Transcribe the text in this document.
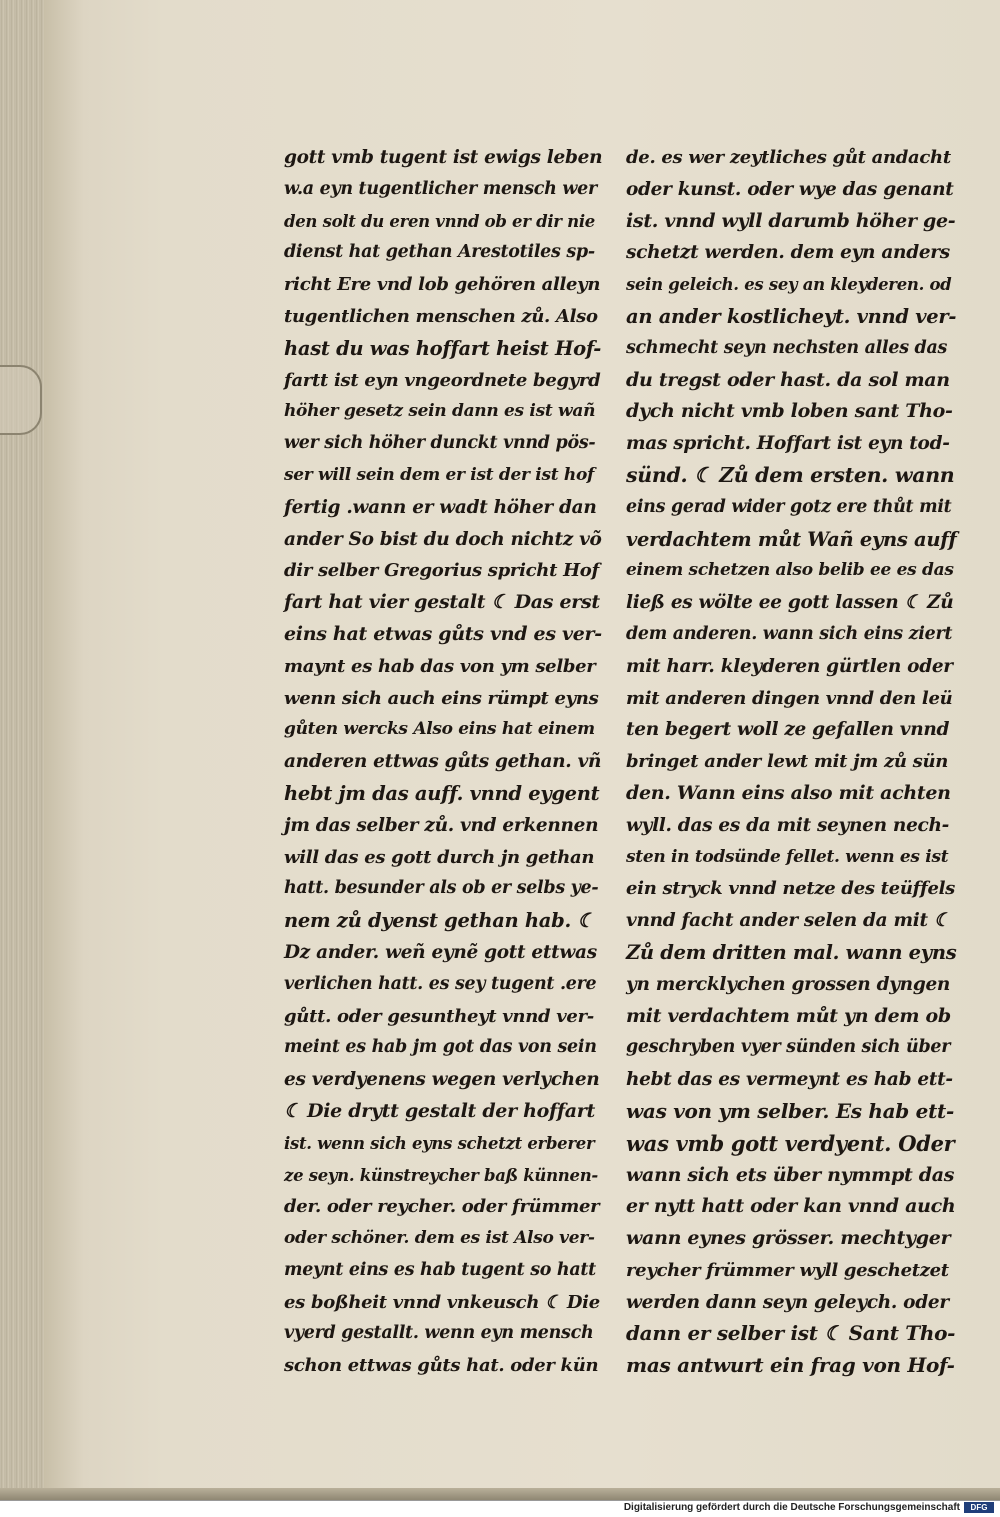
gott vmb tugent ist ewigs leben
w.a eyn tugentlicher mensch wer
den solt du eren vnnd ob er dir nie
dienst hat gethan Arestotiles sp-
richt Ere vnd lob gehören alleyn
tugentlichen menschen zů. Also
hast du was hoffart heist Hof-
fartt ist eyn vngeordnete begyrd
höher gesetz sein dann es ist wañ
wer sich höher dunckt vnnd pös-
ser will sein dem er ist der ist hof
fertig .wann er wadt höher dan
ander So bist du doch nichtz võ
dir selber Gregorius spricht Hof
fart hat vier gestalt ☾ Das erst
eins hat etwas gůts vnd es ver-
maynt es hab das von ym selber
wenn sich auch eins rümpt eyns
gůten wercks Also eins hat einem
anderen ettwas gůts gethan. vñ
hebt jm das auff. vnnd eygent
jm das selber zů. vnd erkennen
will das es gott durch jn gethan
hatt. besunder als ob er selbs ye-
nem zů dyenst gethan hab. ☾
Dz ander. weñ eynẽ gott ettwas
verlichen hatt. es sey tugent .ere
gůtt. oder gesuntheyt vnnd ver-
meint es hab jm got das von sein
es verdyenens wegen verlychen
☾ Die drytt gestalt der hoffart
ist. wenn sich eyns schetzt erberer
ze seyn. künstreycher baß künnen-
der. oder reycher. oder frümmer
oder schöner. dem es ist Also ver-
meynt eins es hab tugent so hatt
es boßheit vnnd vnkeusch ☾ Die
vyerd gestallt. wenn eyn mensch
schon ettwas gůts hat. oder kün
de. es wer zeytliches gůt andacht
oder kunst. oder wye das genant
ist. vnnd wyll darumb höher ge-
schetzt werden. dem eyn anders
sein geleich. es sey an kleyderen. od
an ander kostlicheyt. vnnd ver-
schmecht seyn nechsten alles das
du tregst oder hast. da sol man
dych nicht vmb loben sant Tho-
mas spricht. Hoffart ist eyn tod-
sünd. ☾ Zů dem ersten. wann
eins gerad wider gotz ere thůt mit
verdachtem můt Wañ eyns auff
einem schetzen also belib ee es das
ließ es wölte ee gott lassen ☾ Zů
dem anderen. wann sich eins ziert
mit harr. kleyderen gürtlen oder
mit anderen dingen vnnd den leü
ten begert woll ze gefallen vnnd
bringet ander lewt mit jm zů sün
den. Wann eins also mit achten
wyll. das es da mit seynen nech-
sten in todsünde fellet. wenn es ist
ein stryck vnnd netze des teüffels
vnnd facht ander selen da mit ☾
Zů dem dritten mal. wann eyns
yn mercklychen grossen dyngen
mit verdachtem můt yn dem ob
geschryben vyer sünden sich über
hebt das es vermeynt es hab ett-
was von ym selber. Es hab ett-
was vmb gott verdyent. Oder
wann sich ets über nymmpt das
er nytt hatt oder kan vnnd auch
wann eynes grösser. mechtyger
reycher frümmer wyll geschetzet
werden dann seyn geleych. oder
dann er selber ist ☾ Sant Tho-
mas antwurt ein frag von Hof-
Digitalisierung gefördert durch die Deutsche Forschungsgemeinschaft	DFG
